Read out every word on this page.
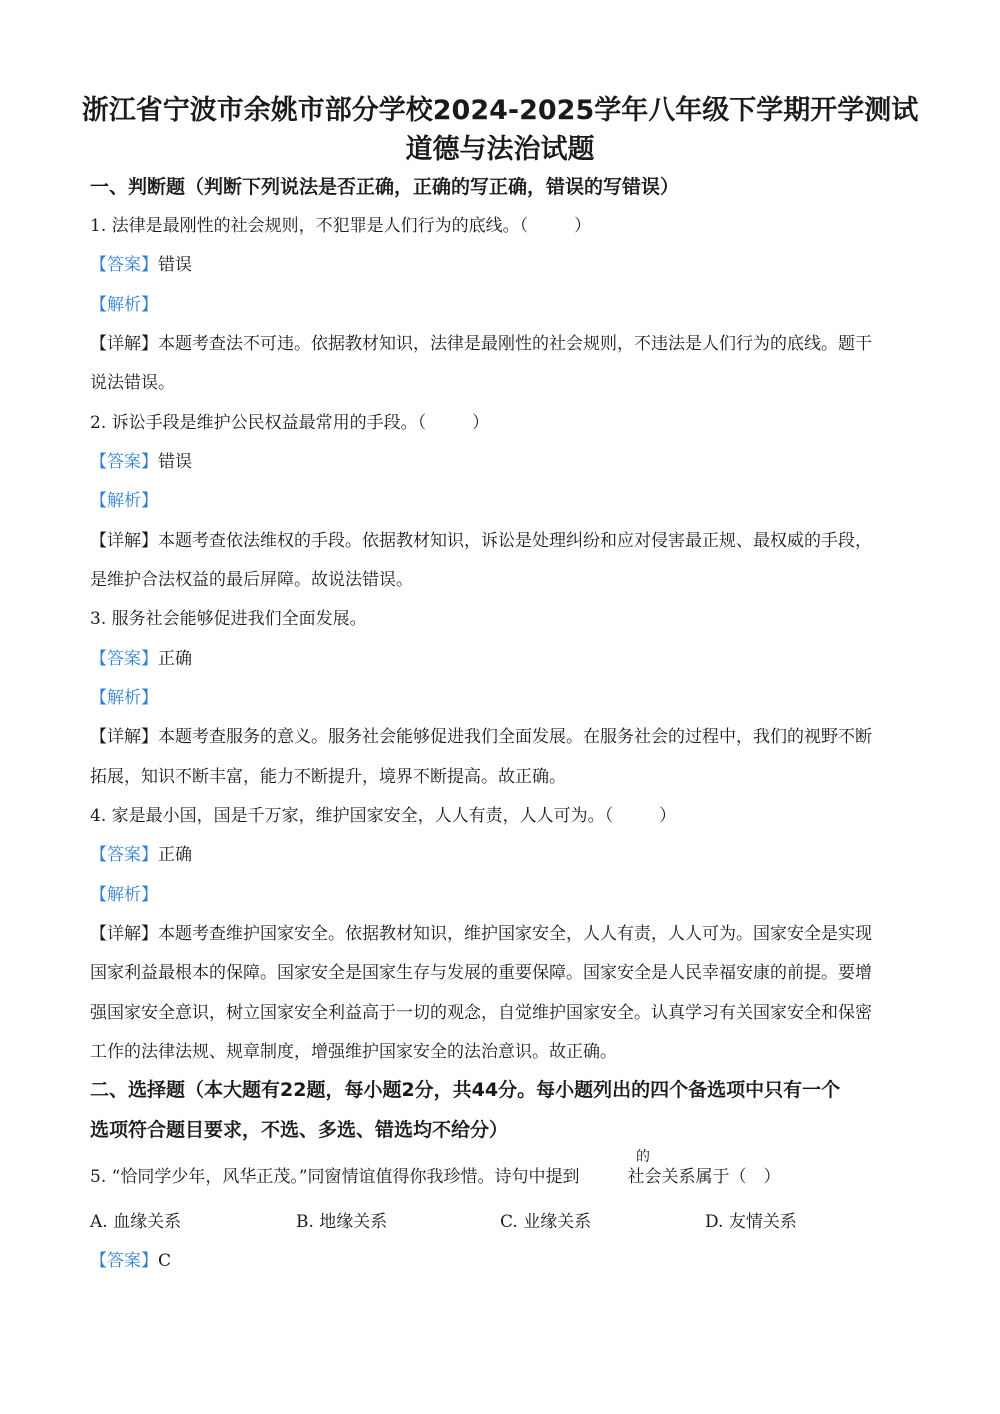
浙江省宁波市余姚市部分学校2024-2025学年八年级下学期开学测试
道德与法治试题
一、判断题（判断下列说法是否正确，正确的写正确，错误的写错误）
1. 法律是最刚性的社会规则，不犯罪是人们行为的底线。（	）
【答案】错误
【解析】
【详解】本题考查法不可违。依据教材知识，法律是最刚性的社会规则，不违法是人们行为的底线。题干
说法错误。
2. 诉讼手段是维护公民权益最常用的手段。（	）
【答案】错误
【解析】
【详解】本题考查依法维权的手段。依据教材知识，诉讼是处理纠纷和应对侵害最正规、最权威的手段，
是维护合法权益的最后屏障。故说法错误。
3. 服务社会能够促进我们全面发展。
【答案】正确
【解析】
【详解】本题考查服务的意义。服务社会能够促进我们全面发展。在服务社会的过程中，我们的视野不断
拓展，知识不断丰富，能力不断提升，境界不断提高。故正确。
4. 家是最小国，国是千万家，维护国家安全，人人有责，人人可为。（	）
【答案】正确
【解析】
【详解】本题考查维护国家安全。依据教材知识，维护国家安全，人人有责，人人可为。国家安全是实现
国家利益最根本的保障。国家安全是国家生存与发展的重要保障。国家安全是人民幸福安康的前提。要增
强国家安全意识，树立国家安全利益高于一切的观念，自觉维护国家安全。认真学习有关国家安全和保密
工作的法律法规、规章制度，增强维护国家安全的法治意识。故正确。
二、选择题（本大题有22题，每小题2分，共44分。每小题列出的四个备选项中只有一个
选项符合题目要求，不选、多选、错选均不给分）
5. “恰同学少年，风华正茂。”同窗情谊值得你我珍惜。诗句中提到	社会关系属于（　）
的
A. 血缘关系	B. 地缘关系	C. 业缘关系	D. 友情关系
【答案】C
